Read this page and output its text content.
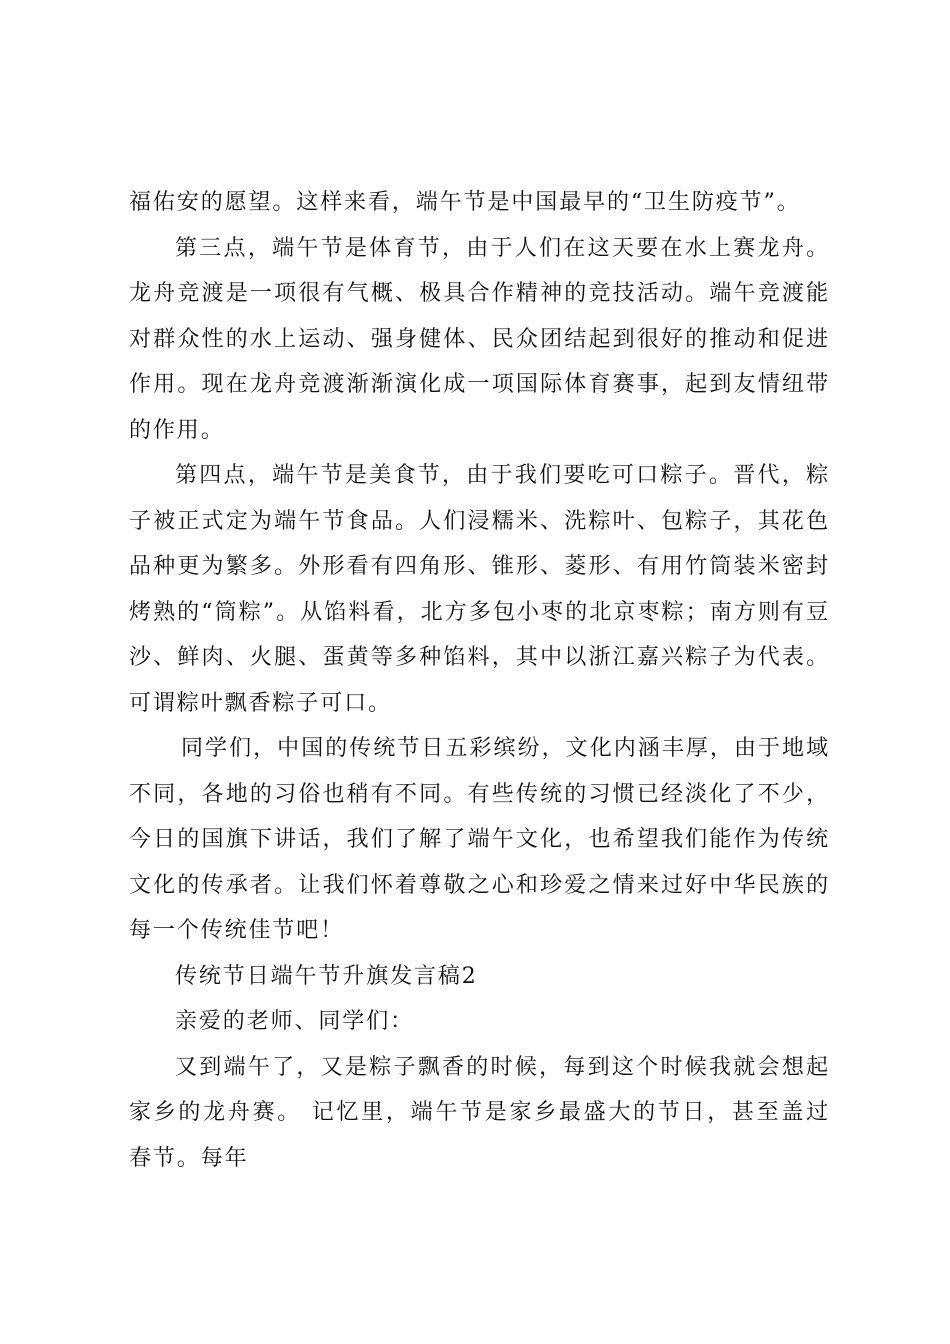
福佑安的愿望。这样来看，端午节是中国最早的“卫生防疫节”。

第三点，端午节是体育节，由于人们在这天要在水上赛龙舟。龙舟竞渡是一项很有气概、极具合作精神的竞技活动。端午竞渡能对群众性的水上运动、强身健体、民众团结起到很好的推动和促进作用。现在龙舟竞渡渐渐演化成一项国际体育赛事，起到友情纽带的作用。

第四点，端午节是美食节，由于我们要吃可口粽子。晋代，粽子被正式定为端午节食品。人们浸糯米、洗粽叶、包粽子，其花色品种更为繁多。外形看有四角形、锥形、菱形、有用竹筒装米密封烤熟的“筒粽”。从馅料看，北方多包小枣的北京枣粽；南方则有豆沙、鲜肉、火腿、蛋黄等多种馅料，其中以浙江嘉兴粽子为代表。可谓粽叶飘香粽子可口。

同学们，中国的传统节日五彩缤纷，文化内涵丰厚，由于地域不同，各地的习俗也稍有不同。有些传统的习惯已经淡化了不少，今日的国旗下讲话，我们了解了端午文化，也希望我们能作为传统文化的传承者。让我们怀着尊敬之心和珍爱之情来过好中华民族的每一个传统佳节吧！

传统节日端午节升旗发言稿2

亲爱的老师、同学们：

又到端午了，又是粽子飘香的时候，每到这个时候我就会想起家乡的龙舟赛。 记忆里，端午节是家乡最盛大的节日，甚至盖过春节。每年
